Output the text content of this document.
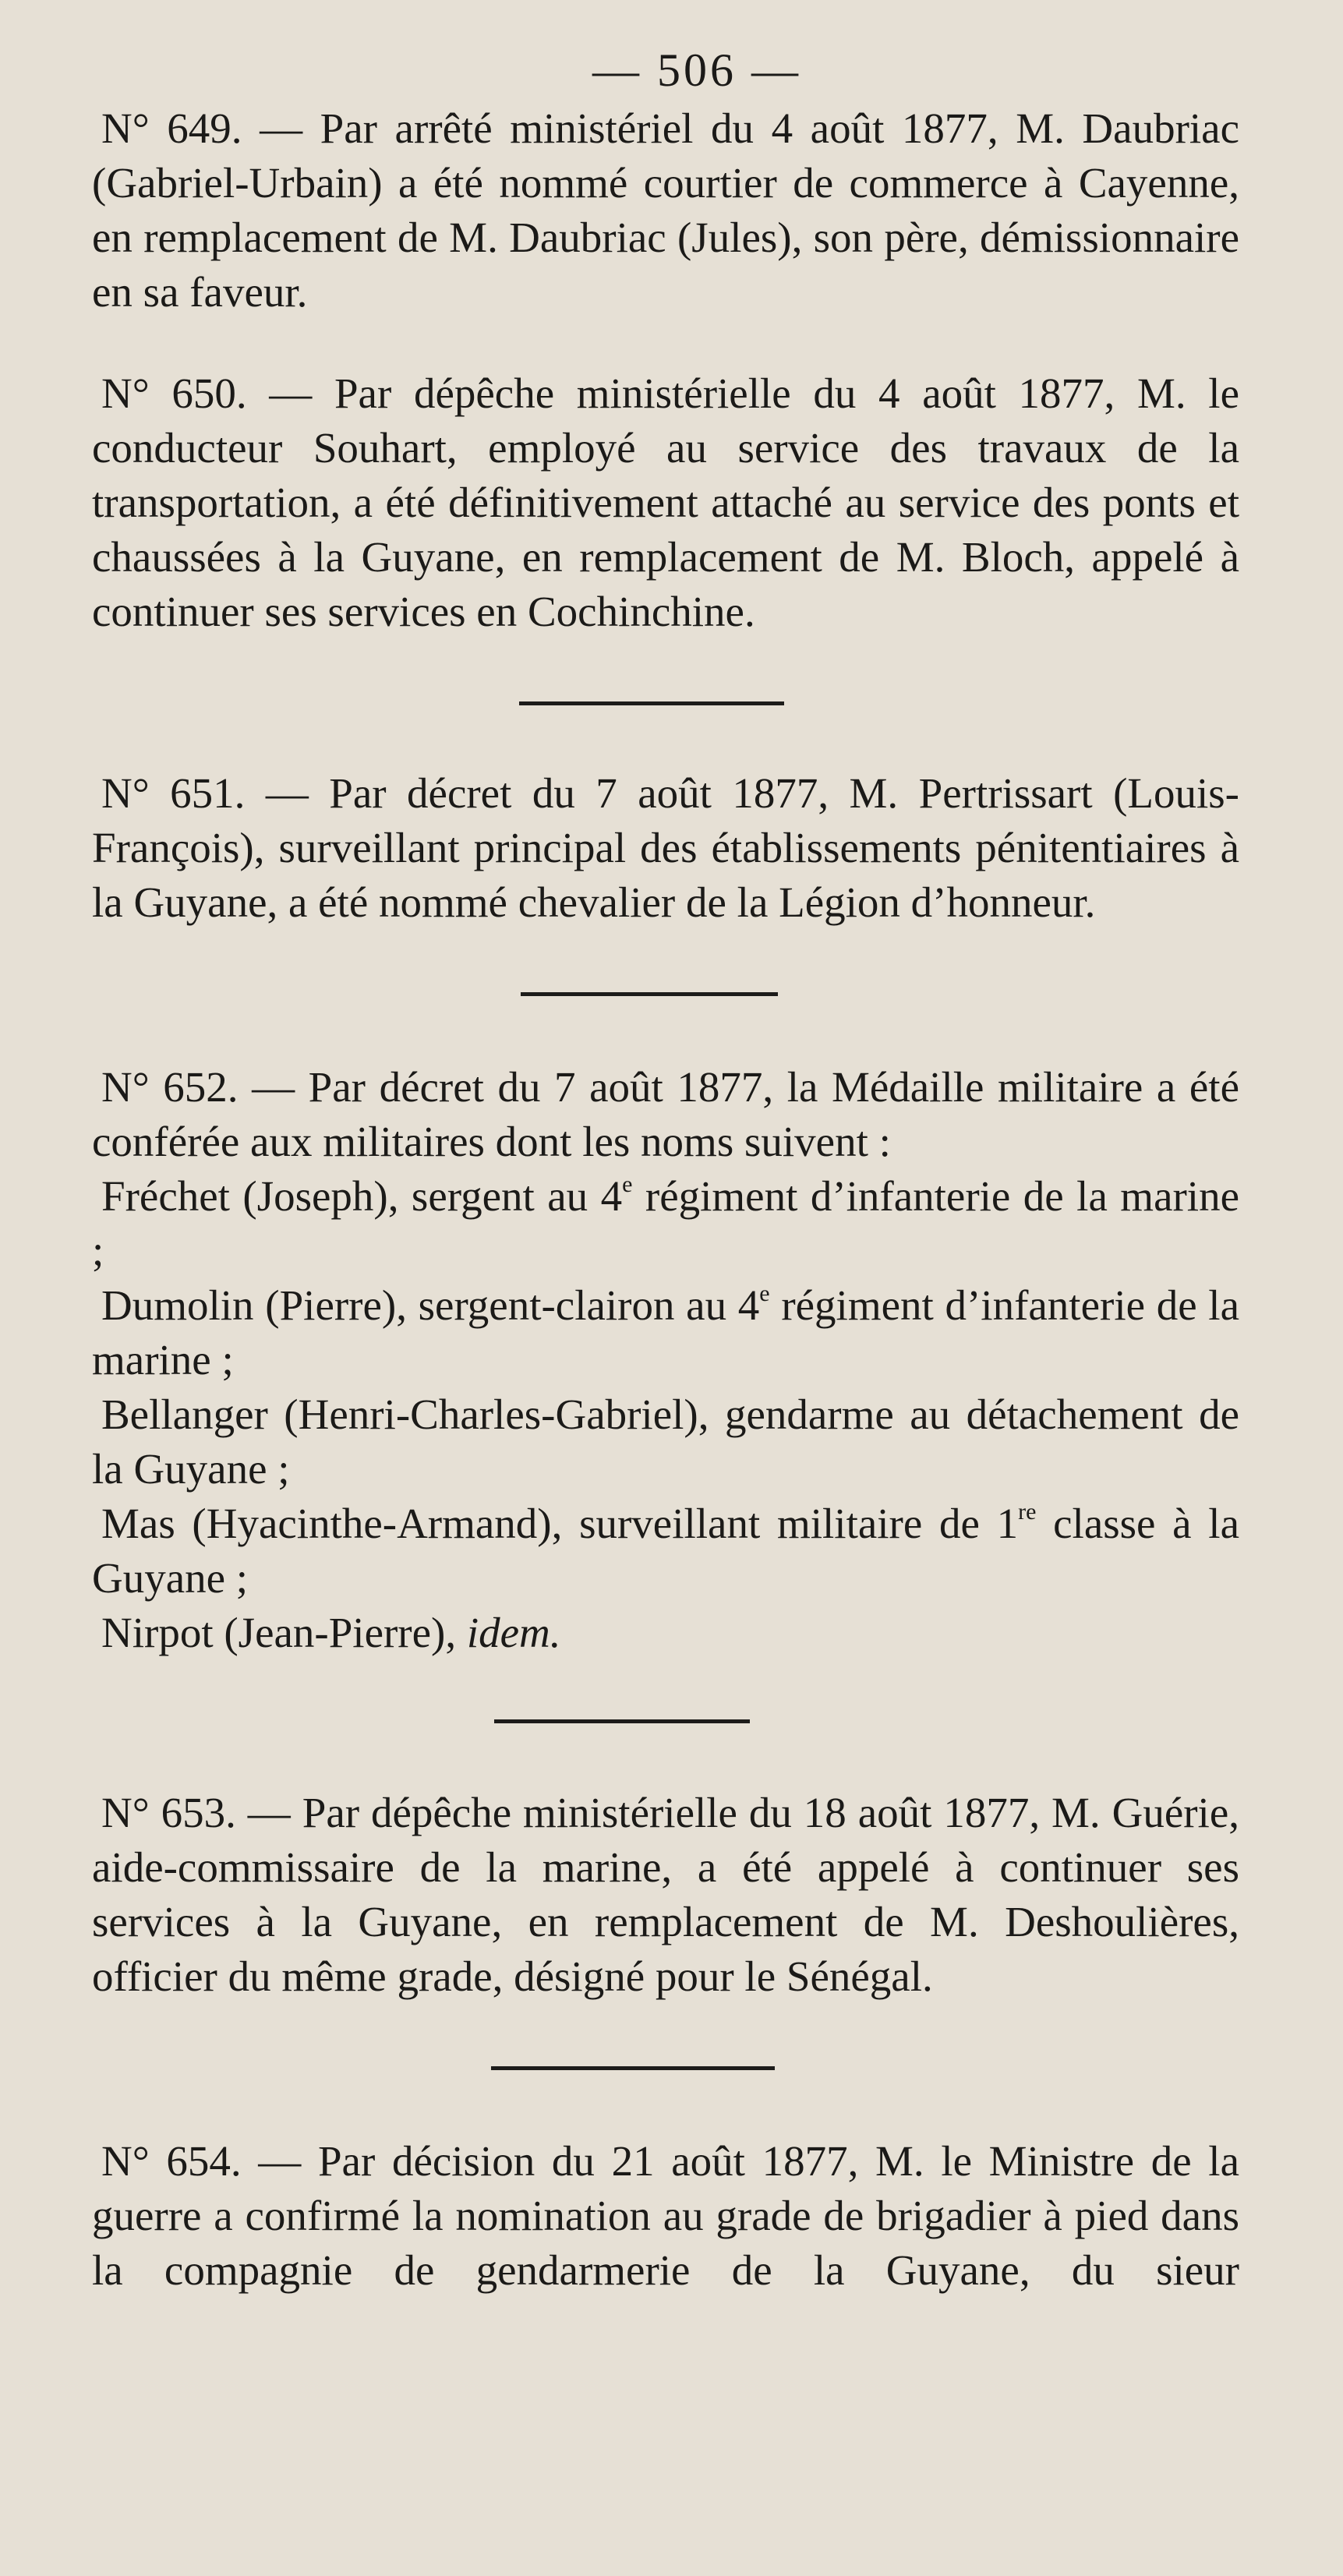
— 506 —

N° 649. — Par arrêté ministériel du 4 août 1877, M. Daubriac (Gabriel-Urbain) a été nommé courtier de commerce à Cayenne, en remplacement de M. Daubriac (Jules), son père, démissionnaire en sa faveur.

N° 650. — Par dépêche ministérielle du 4 août 1877, M. le conducteur Souhart, employé au service des travaux de la transportation, a été définitivement attaché au service des ponts et chaussées à la Guyane, en remplacement de M. Bloch, appelé à continuer ses services en Cochinchine.

N° 651. — Par décret du 7 août 1877, M. Pertrissart (Louis-François), surveillant principal des établissements pénitentiaires à la Guyane, a été nommé chevalier de la Légion d’honneur.

N° 652. — Par décret du 7 août 1877, la Médaille militaire a été conférée aux militaires dont les noms suivent :

Fréchet (Joseph), sergent au 4e régiment d’infanterie de la marine ;

Dumolin (Pierre), sergent-clairon au 4e régiment d’infanterie de la marine ;

Bellanger (Henri-Charles-Gabriel), gendarme au détachement de la Guyane ;

Mas (Hyacinthe-Armand), surveillant militaire de 1re classe à la Guyane ;

Nirpot (Jean-Pierre), idem.

N° 653. — Par dépêche ministérielle du 18 août 1877, M. Guérie, aide-commissaire de la marine, a été appelé à continuer ses services à la Guyane, en remplacement de M. Deshoulières, officier du même grade, désigné pour le Sénégal.

N° 654. — Par décision du 21 août 1877, M. le Ministre de la guerre a confirmé la nomination au grade de brigadier à pied dans la compagnie de gendarmerie de la Guyane, du sieur
